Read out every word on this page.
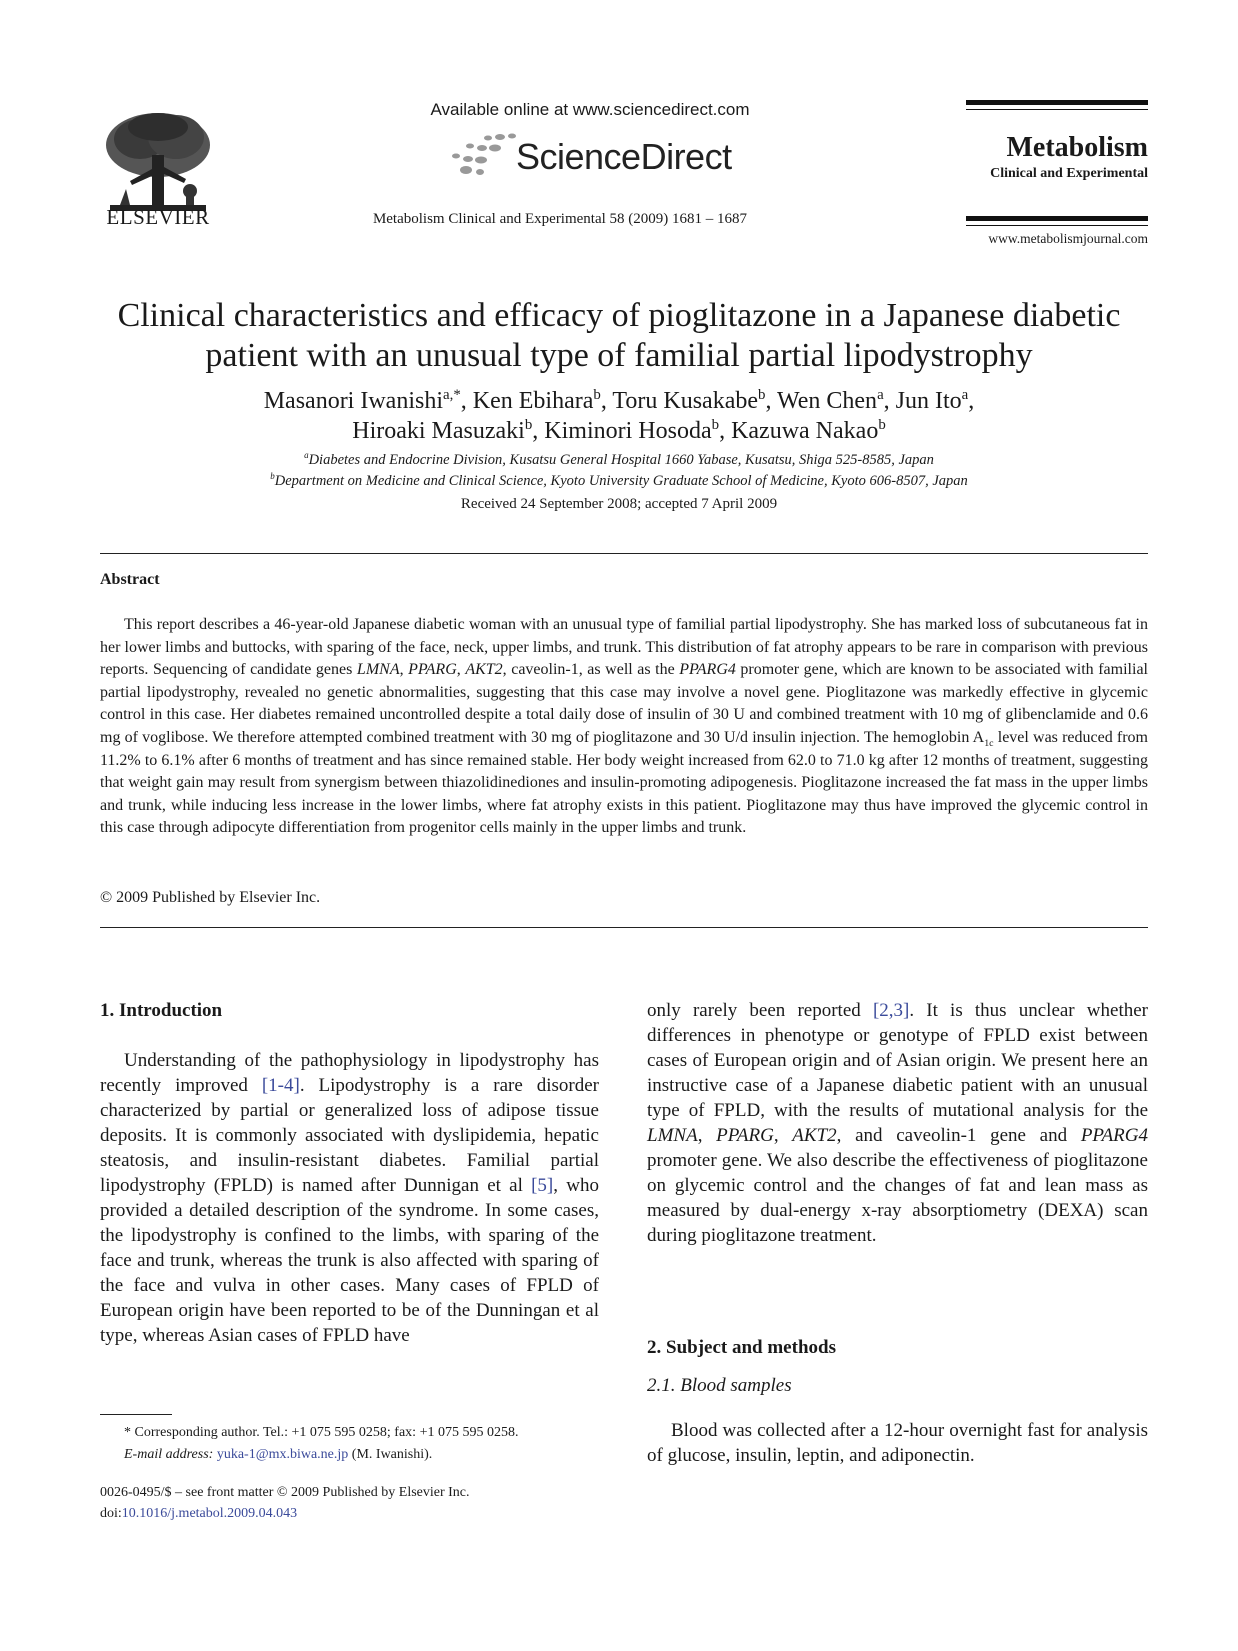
ELSEVIER
Available online at www.sciencedirect.com
ScienceDirect
Metabolism Clinical and Experimental 58 (2009) 1681 – 1687
Metabolism
Clinical and Experimental
www.metabolismjournal.com
Clinical characteristics and efficacy of pioglitazone in a Japanese diabetic
patient with an unusual type of familial partial lipodystrophy
Masanori Iwanishi$^{a,*}$, Ken Ebihara$^b$, Toru Kusakabe$^b$, Wen Chen$^a$, Jun Ito$^a$,
Hiroaki Masuzaki$^b$, Kiminori Hosoda$^b$, Kazuwa Nakao$^b$
$^a$Diabetes and Endocrine Division, Kusatsu General Hospital 1660 Yabase, Kusatsu, Shiga 525-8585, Japan
$^b$Department on Medicine and Clinical Science, Kyoto University Graduate School of Medicine, Kyoto 606-8507, Japan
Received 24 September 2008; accepted 7 April 2009
Abstract
This report describes a 46-year-old Japanese diabetic woman with an unusual type of familial partial lipodystrophy. She has marked loss of subcutaneous fat in her lower limbs and buttocks, with sparing of the face, neck, upper limbs, and trunk. This distribution of fat atrophy appears to be rare in comparison with previous reports. Sequencing of candidate genes LMNA, PPARG, AKT2, caveolin-1, as well as the PPARG4 promoter gene, which are known to be associated with familial partial lipodystrophy, revealed no genetic abnormalities, suggesting that this case may involve a novel gene. Pioglitazone was markedly effective in glycemic control in this case. Her diabetes remained uncontrolled despite a total daily dose of insulin of 30 U and combined treatment with 10 mg of glibenclamide and 0.6 mg of voglibose. We therefore attempted combined treatment with 30 mg of pioglitazone and 30 U/d insulin injection. The hemoglobin $A_{1c}$ level was reduced from 11.2% to 6.1% after 6 months of treatment and has since remained stable. Her body weight increased from 62.0 to 71.0 kg after 12 months of treatment, suggesting that weight gain may result from synergism between thiazolidinediones and insulin-promoting adipogenesis. Pioglitazone increased the fat mass in the upper limbs and trunk, while inducing less increase in the lower limbs, where fat atrophy exists in this patient. Pioglitazone may thus have improved the glycemic control in this case through adipocyte differentiation from progenitor cells mainly in the upper limbs and trunk.
© 2009 Published by Elsevier Inc.
1. Introduction
Understanding of the pathophysiology in lipodystrophy has recently improved [1-4]. Lipodystrophy is a rare disorder characterized by partial or generalized loss of adipose tissue deposits. It is commonly associated with dyslipidemia, hepatic steatosis, and insulin-resistant diabetes. Familial partial lipodystrophy (FPLD) is named after Dunnigan et al [5], who provided a detailed description of the syndrome. In some cases, the lipodystrophy is confined to the limbs, with sparing of the face and trunk, whereas the trunk is also affected with sparing of the face and vulva in other cases. Many cases of FPLD of European origin have been reported to be of the Dunningan et al type, whereas Asian cases of FPLD have
only rarely been reported [2,3]. It is thus unclear whether differences in phenotype or genotype of FPLD exist between cases of European origin and of Asian origin. We present here an instructive case of a Japanese diabetic patient with an unusual type of FPLD, with the results of mutational analysis for the LMNA, PPARG, AKT2, and caveolin-1 gene and PPARG4 promoter gene. We also describe the effectiveness of pioglitazone on glycemic control and the changes of fat and lean mass as measured by dual-energy x-ray absorptiometry (DEXA) scan during pioglitazone treatment.
2. Subject and methods
2.1. Blood samples
Blood was collected after a 12-hour overnight fast for analysis of glucose, insulin, leptin, and adiponectin.
* Corresponding author. Tel.: +1 075 595 0258; fax: +1 075 595 0258.
E-mail address: yuka-1@mx.biwa.ne.jp (M. Iwanishi).
0026-0495/$ – see front matter © 2009 Published by Elsevier Inc.
doi:10.1016/j.metabol.2009.04.043
